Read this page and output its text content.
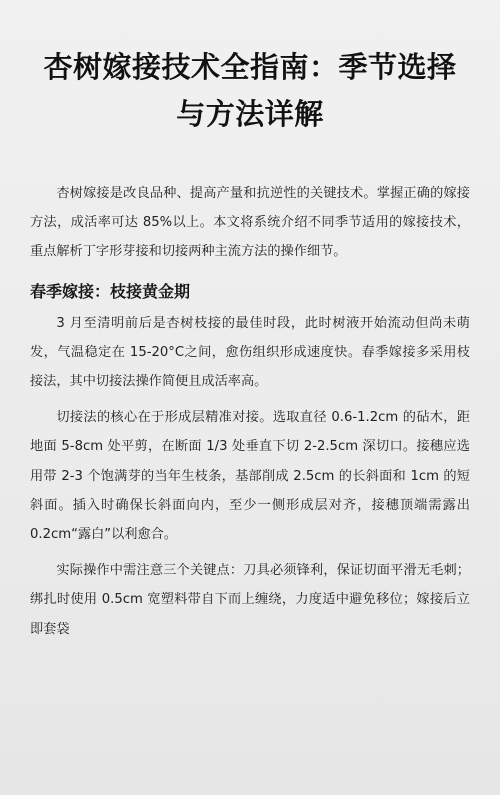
杏树嫁接技术全指南：季节选择与方法详解

杏树嫁接是改良品种、提高产量和抗逆性的关键技术。掌握正确的嫁接方法，成活率可达 85%以上。本文将系统介绍不同季节适用的嫁接技术，重点解析丁字形芽接和切接两种主流方法的操作细节。

春季嫁接：枝接黄金期

3 月至清明前后是杏树枝接的最佳时段，此时树液开始流动但尚未萌发，气温稳定在 15-20°C之间，愈伤组织形成速度快。春季嫁接多采用枝接法，其中切接法操作简便且成活率高。

切接法的核心在于形成层精准对接。选取直径 0.6-1.2cm 的砧木，距地面 5-8cm 处平剪，在断面 1/3 处垂直下切 2-2.5cm 深切口。接穗应选用带 2-3 个饱满芽的当年生枝条，基部削成 2.5cm 的长斜面和 1cm 的短斜面。插入时确保长斜面向内，至少一侧形成层对齐，接穗顶端需露出 0.2cm“露白”以利愈合。

实际操作中需注意三个关键点：刀具必须锋利，保证切面平滑无毛刺；绑扎时使用 0.5cm 宽塑料带自下而上缠绕，力度适中避免移位；嫁接后立即套袋
